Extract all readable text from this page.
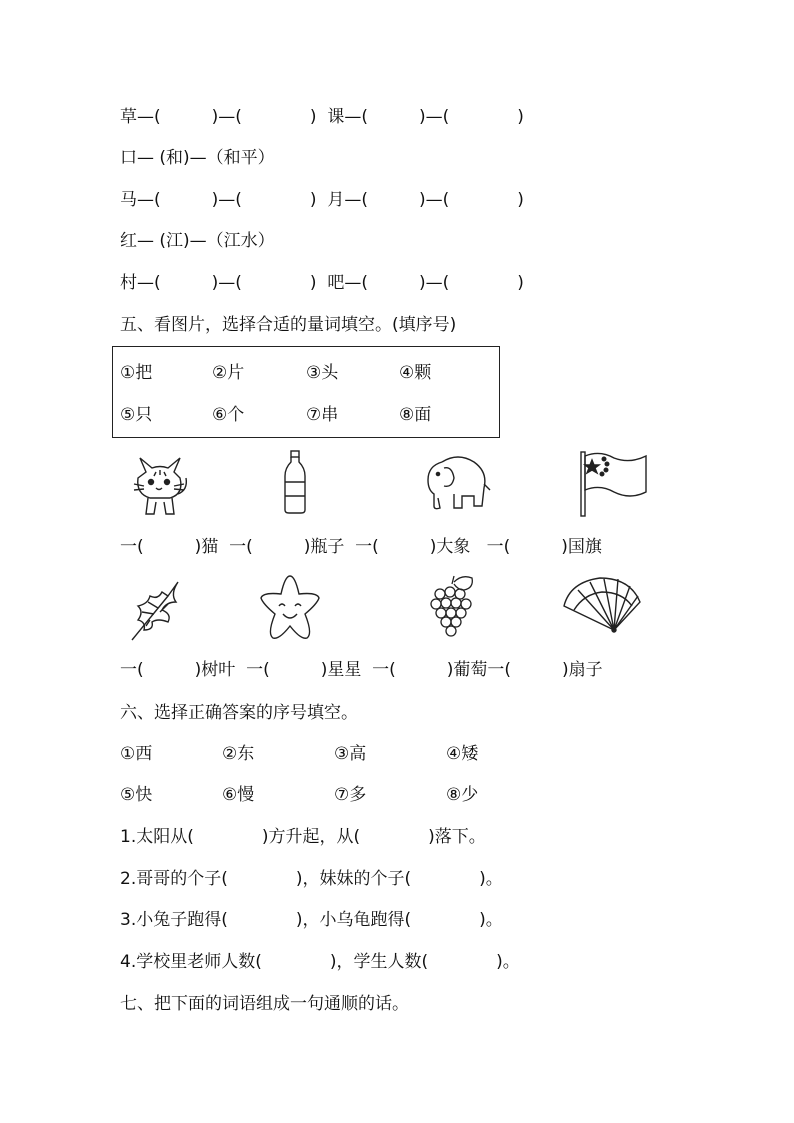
草—(　　　)—(　　　　)  课—(　　　)—(　　　　)
口— (和)—（和平）
马—(　　　)—(　　　　)  月—(　　　)—(　　　　)
红— (江)—（江水）
村—(　　　)—(　　　　)  吧—(　　　)—(　　　　)
五、看图片，选择合适的量词填空。(填序号)
①把	②片	③头	④颗
⑤只	⑥个	⑦串	⑧面
一(　　　)猫  一(　　　)瓶子  一(　　　)大象   一(　　　)国旗
一(　　　)树叶  一(　　　)星星  一(　　　)葡萄一(　　　)扇子
六、选择正确答案的序号填空。
①西	②东	③高	④矮
⑤快	⑥慢	⑦多	⑧少
1.太阳从(　　　　)方升起，从(　　　　)落下。
2.哥哥的个子(　　　　)，妹妹的个子(　　　　)。
3.小兔子跑得(　　　　)，小乌龟跑得(　　　　)。
4.学校里老师人数(　　　　)，学生人数(　　　　)。
七、把下面的词语组成一句通顺的话。
